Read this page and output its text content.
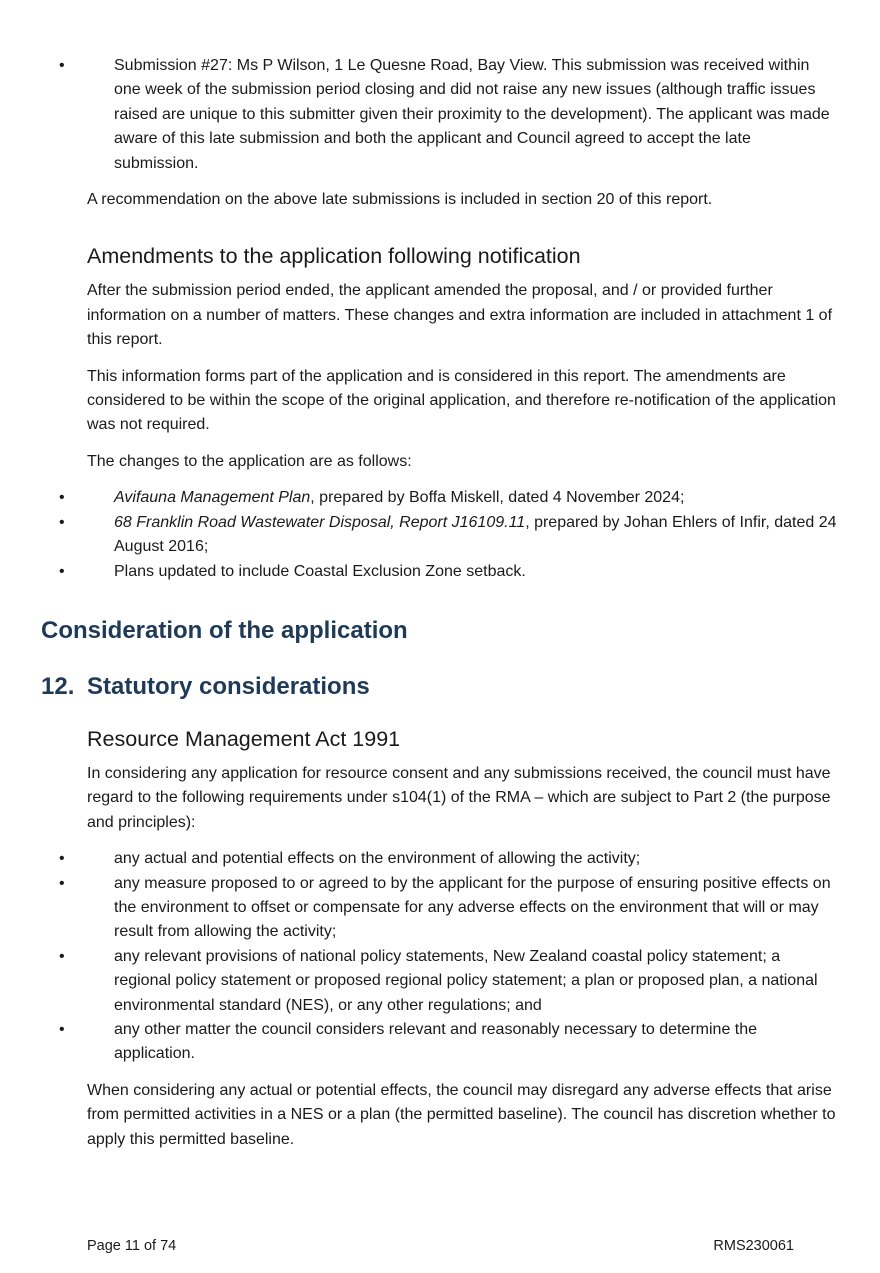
•
Submission #27: Ms P Wilson, 1 Le Quesne Road, Bay View. This submission was received within one week of the submission period closing and did not raise any new issues (although traffic issues raised are unique to this submitter given their proximity to the development). The applicant was made aware of this late submission and both the applicant and Council agreed to accept the late submission.

A recommendation on the above late submissions is included in section 20 of this report.

Amendments to the application following notification

After the submission period ended, the applicant amended the proposal, and / or provided further information on a number of matters. These changes and extra information are included in attachment 1 of this report.

This information forms part of the application and is considered in this report. The amendments are considered to be within the scope of the original application, and therefore re-notification of the application was not required.

The changes to the application are as follows:

•
Avifauna Management Plan, prepared by Boffa Miskell, dated 4 November 2024;
•
68 Franklin Road Wastewater Disposal, Report J16109.11, prepared by Johan Ehlers of Infir, dated 24 August 2016;
•
Plans updated to include Coastal Exclusion Zone setback.
Consideration of the application
12. Statutory considerations
Resource Management Act 1991

In considering any application for resource consent and any submissions received, the council must have regard to the following requirements under s104(1) of the RMA – which are subject to Part 2 (the purpose and principles):

•
any actual and potential effects on the environment of allowing the activity;
•
any measure proposed to or agreed to by the applicant for the purpose of ensuring positive effects on the environment to offset or compensate for any adverse effects on the environment that will or may result from allowing the activity;
•
any relevant provisions of national policy statements, New Zealand coastal policy statement; a regional policy statement or proposed regional policy statement; a plan or proposed plan, a national environmental standard (NES), or any other regulations; and
•
any other matter the council considers relevant and reasonably necessary to determine the application.

When considering any actual or potential effects, the council may disregard any adverse effects that arise from permitted activities in a NES or a plan (the permitted baseline). The council has discretion whether to apply this permitted baseline.

Page 11 of 74	RMS230061
